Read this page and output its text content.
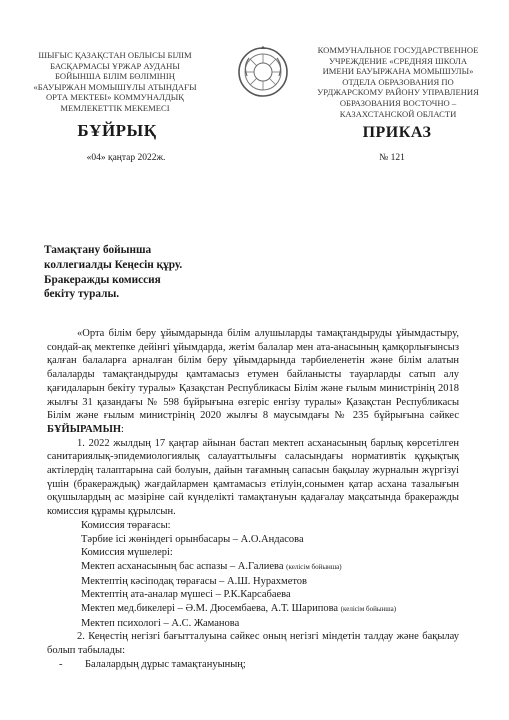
ШЫҒЫС ҚАЗАҚСТАН ОБЛЫСЫ БІЛІМ
БАСҚАРМАСЫ ҰРЖАР АУДАНЫ
БОЙЫНША БІЛІМ БӨЛІМІНІҢ
«БАУЫРЖАН МОМЫШҰЛЫ АТЫНДАҒЫ
ОРТА МЕКТЕБІ» КОММУНАЛДЫҚ
МЕМЛЕКЕТТІК МЕКЕМЕСІ
КОММУНАЛЬНОЕ ГОСУДАРСТВЕННОЕ
УЧРЕЖДЕНИЕ «СРЕДНЯЯ ШКОЛА
ИМЕНИ БАУЫРЖАНА МОМЫШУЛЫ»
ОТДЕЛА ОБРАЗОВАНИЯ ПО
УРДЖАРСКОМУ РАЙОНУ УПРАВЛЕНИЯ
ОБРАЗОВАНИЯ ВОСТОЧНО –
КАЗАХСТАНСКОЙ ОБЛАСТИ
БҰЙРЫҚ	ПРИКАЗ
«04» қаңтар 2022ж.	№ 121
Тамақтану бойынша
коллегиалды Кеңесін құру.
Бракеражды комиссия
бекіту туралы.

«Орта білім беру ұйымдарында білім алушыларды тамақтандыруды ұйымдастыру, сондай-ақ мектепке дейінгі ұйымдарда, жетім балалар мен ата-анасының қамқорлығынсыз қалған балаларға арналған білім беру ұйымдарында тәрбиеленетін және білім алатын балаларды тамақтандыруды қамтамасыз етумен байланысты тауарларды сатып алу қағидаларын бекіту туралы» Қазақстан Республикасы Білім және ғылым министрінің 2018 жылғы 31 қазандағы № 598 бұйрығына өзгеріс енгізу туралы» Қазақстан Республикасы Білім және ғылым министрінің 2020 жылғы 8 маусымдағы № 235 бұйрығына сәйкес БҰЙЫРАМЫН:

1. 2022 жылдың 17 қаңтар айынан бастап мектеп асханасының барлық көрсетілген санитариялық-эпидемиологиялық салауаттылығы саласындағы нормативтік құқықтық актілердің талаптарына сай болуын, дайын тағамның сапасын бақылау журналын жүргізуі үшін (бракераждық) жағдайлармен қамтамасыз етілуін,сонымен қатар асхана тазалығын оқушылардың ас мәзіріне сай күнделікті тамақтануын қадағалау мақсатында бракеражды комиссия құрамы құрылсын.

Комиссия төрағасы:

Тәрбие ісі жөніндегі орынбасары – А.О.Андасова

Комиссия мүшелері:

Мектеп асханасының бас аспазы – А.Галиева (келісім бойынша)

Мектептің кәсіподақ төрағасы – А.Ш. Нурахметов

Мектептің ата-аналар мүшесі – Р.К.Карсабаева

Мектеп мед.бикелері – Ә.М. Дюсембаева, А.Т. Шарипова (келісім бойынша)

Мектеп психологі – А.С. Жаманова

2. Кеңестің негізгі бағытталуына сәйкес оның негізгі міндетін талдау және бақылау болып табылады:

- Балалардың дұрыс тамақтануының;
